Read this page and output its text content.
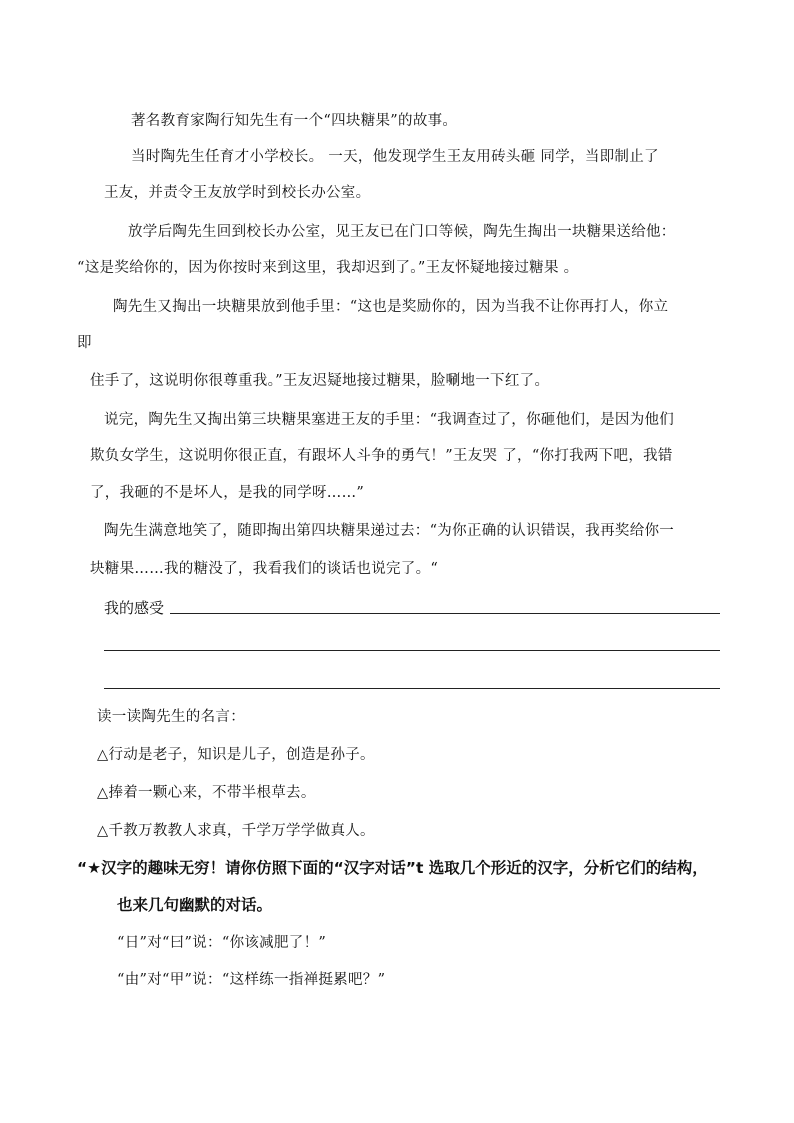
著名教育家陶行知先生有一个“四块糖果”的故事。
当时陶先生任育才小学校长。 一天，他发现学生王友用砖头砸 同学，当即制止了
王友，并责令王友放学时到校长办公室。
放学后陶先生回到校长办公室，见王友已在门口等候，陶先生掏出一块糖果送给他：
“这是奖给你的，因为你按时来到这里，我却迟到了。”王友怀疑地接过糖果 。
陶先生又掏出一块糖果放到他手里：“这也是奖励你的，因为当我不让你再打人，你立
即
住手了，这说明你很尊重我。”王友迟疑地接过糖果，脸唰地一下红了。
说完，陶先生又掏出第三块糖果塞进王友的手里：“我调查过了，你砸他们，是因为他们
欺负女学生，这说明你很正直，有跟坏人斗争的勇气！”王友哭 了，“你打我两下吧，我错
了，我砸的不是坏人，是我的同学呀……”
陶先生满意地笑了，随即掏出第四块糖果递过去：“为你正确的认识错误，我再奖给你一
块糖果……我的糖没了，我看我们的谈话也说完了。“
我的感受
读一读陶先生的名言：
△行动是老子，知识是儿子，创造是孙子。
△捧着一颗心来，不带半根草去。
△千教万教教人求真，千学万学学做真人。
“★汉字的趣味无穷！请你仿照下面的“汉字对话”t 选取几个形近的汉字，分析它们的结构，
也来几句幽默的对话。
“日”对“曰”说：“你该减肥了！”
“由”对“甲”说：“这样练一指禅挺累吧？”
